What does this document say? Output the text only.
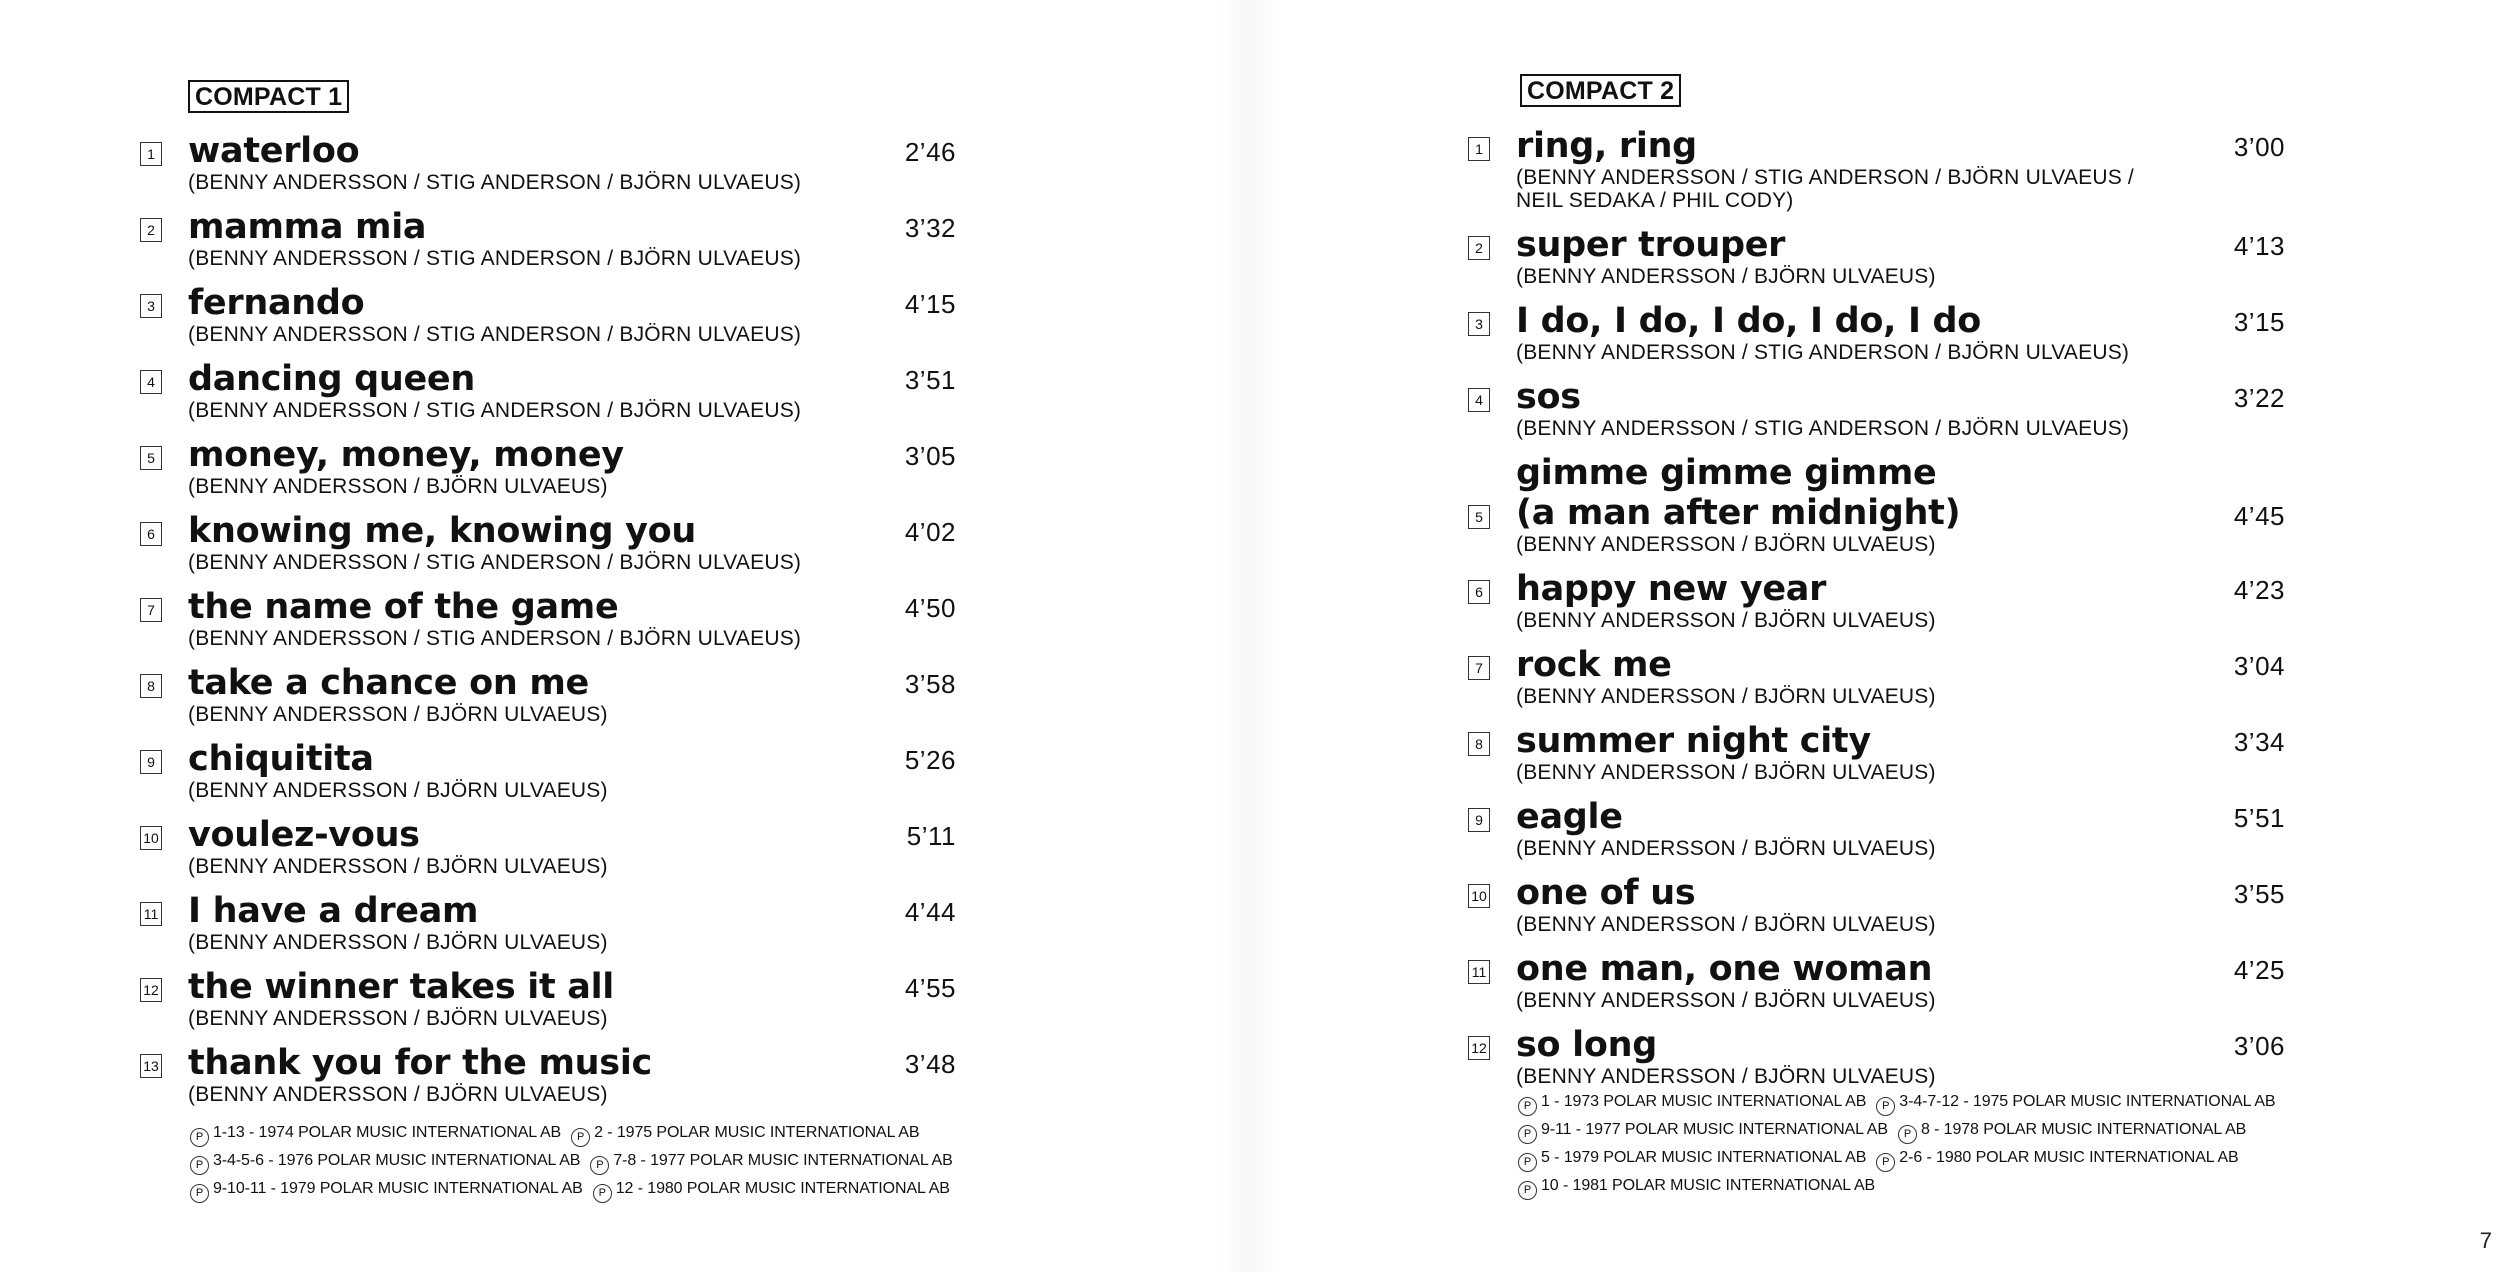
COMPACT 1
1 waterloo
(BENNY ANDERSSON / STIG ANDERSON / BJÖRN ULVAEUS)
2’46
2 mamma mia
(BENNY ANDERSSON / STIG ANDERSON / BJÖRN ULVAEUS)
3’32
3 fernando
(BENNY ANDERSSON / STIG ANDERSON / BJÖRN ULVAEUS)
4’15
4 dancing queen
(BENNY ANDERSSON / STIG ANDERSON / BJÖRN ULVAEUS)
3’51
5 money, money, money
(BENNY ANDERSSON / BJÖRN ULVAEUS)
3’05
6 knowing me, knowing you
(BENNY ANDERSSON / STIG ANDERSON / BJÖRN ULVAEUS)
4’02
7 the name of the game
(BENNY ANDERSSON / STIG ANDERSON / BJÖRN ULVAEUS)
4’50
8 take a chance on me
(BENNY ANDERSSON / BJÖRN ULVAEUS)
3’58
9 chiquitita
(BENNY ANDERSSON / BJÖRN ULVAEUS)
5’26
10 voulez-vous
(BENNY ANDERSSON / BJÖRN ULVAEUS)
5’11
11 I have a dream
(BENNY ANDERSSON / BJÖRN ULVAEUS)
4’44
12 the winner takes it all
(BENNY ANDERSSON / BJÖRN ULVAEUS)
4’55
13 thank you for the music
(BENNY ANDERSSON / BJÖRN ULVAEUS)
3’48
P 1-13 - 1974 POLAR MUSIC INTERNATIONAL AB P 2 - 1975 POLAR MUSIC INTERNATIONAL AB
P 3-4-5-6 - 1976 POLAR MUSIC INTERNATIONAL AB P 7-8 - 1977 POLAR MUSIC INTERNATIONAL AB
P 9-10-11 - 1979 POLAR MUSIC INTERNATIONAL AB P 12 - 1980 POLAR MUSIC INTERNATIONAL AB
COMPACT 2
1 ring, ring
(BENNY ANDERSSON / STIG ANDERSON / BJÖRN ULVAEUS /
NEIL SEDAKA / PHIL CODY)
3’00
2 super trouper
(BENNY ANDERSSON / BJÖRN ULVAEUS)
4’13
3 I do, I do, I do, I do, I do
(BENNY ANDERSSON / STIG ANDERSON / BJÖRN ULVAEUS)
3’15
4 sos
(BENNY ANDERSSON / STIG ANDERSON / BJÖRN ULVAEUS)
3’22
5
gimme gimme gimme
(a man after midnight)
(BENNY ANDERSSON / BJÖRN ULVAEUS)
4’45
6 happy new year
(BENNY ANDERSSON / BJÖRN ULVAEUS)
4’23
7 rock me
(BENNY ANDERSSON / BJÖRN ULVAEUS)
3’04
8 summer night city
(BENNY ANDERSSON / BJÖRN ULVAEUS)
3’34
9 eagle
(BENNY ANDERSSON / BJÖRN ULVAEUS)
5’51
10 one of us
(BENNY ANDERSSON / BJÖRN ULVAEUS)
3’55
11 one man, one woman
(BENNY ANDERSSON / BJÖRN ULVAEUS)
4’25
12 so long
(BENNY ANDERSSON / BJÖRN ULVAEUS)
3’06
P 1 - 1973 POLAR MUSIC INTERNATIONAL AB P 3-4-7-12 - 1975 POLAR MUSIC INTERNATIONAL AB
P 9-11 - 1977 POLAR MUSIC INTERNATIONAL AB P 8 - 1978 POLAR MUSIC INTERNATIONAL AB
P 5 - 1979 POLAR MUSIC INTERNATIONAL AB P 2-6 - 1980 POLAR MUSIC INTERNATIONAL AB
P 10 - 1981 POLAR MUSIC INTERNATIONAL AB
7
